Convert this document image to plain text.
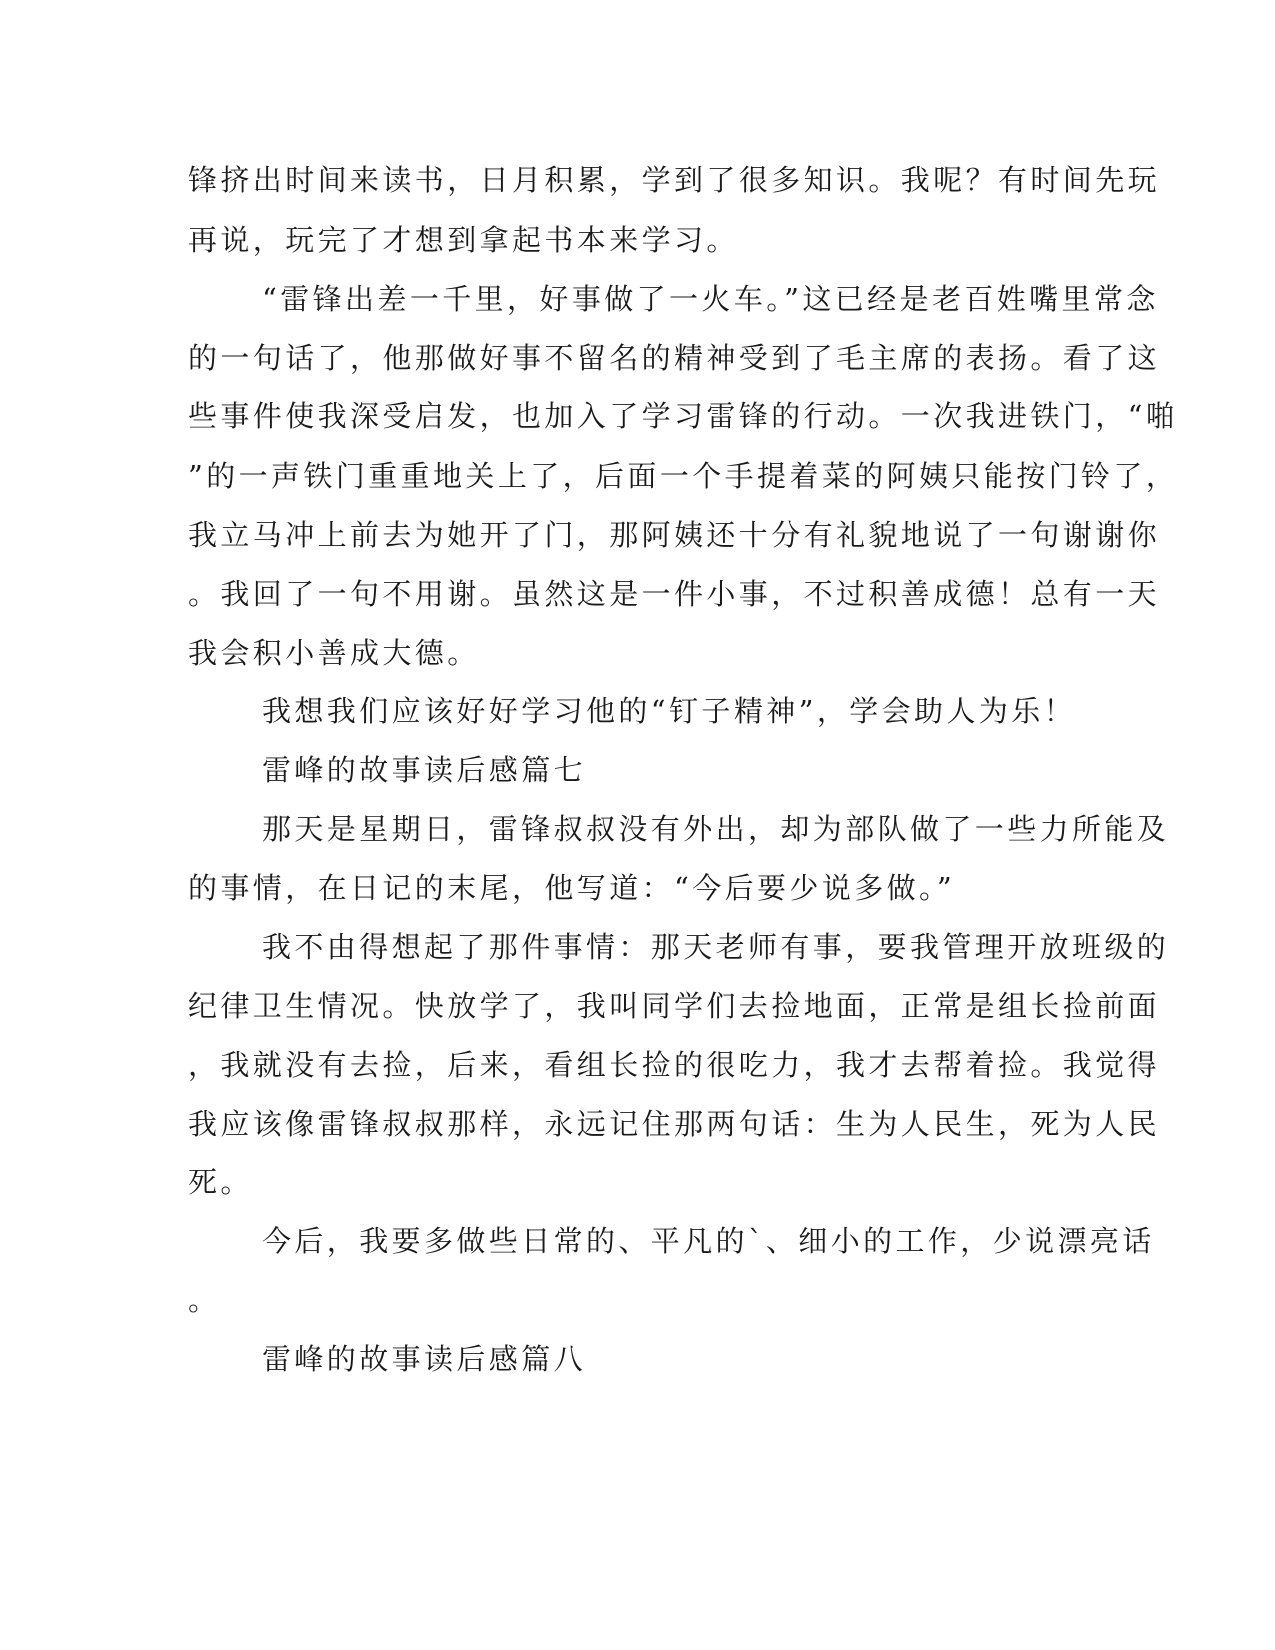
锋挤出时间来读书，日月积累，学到了很多知识。我呢？有时间先玩
再说，玩完了才想到拿起书本来学习。
“雷锋出差一千里，好事做了一火车。”这已经是老百姓嘴里常念
的一句话了，他那做好事不留名的精神受到了毛主席的表扬。看了这
些事件使我深受启发，也加入了学习雷锋的行动。一次我进铁门，“啪
”的一声铁门重重地关上了，后面一个手提着菜的阿姨只能按门铃了，
我立马冲上前去为她开了门，那阿姨还十分有礼貌地说了一句谢谢你
。我回了一句不用谢。虽然这是一件小事，不过积善成德！总有一天
我会积小善成大德。
我想我们应该好好学习他的“钉子精神”，学会助人为乐！
雷峰的故事读后感篇七
那天是星期日，雷锋叔叔没有外出，却为部队做了一些力所能及
的事情，在日记的末尾，他写道：“今后要少说多做。”
我不由得想起了那件事情：那天老师有事，要我管理开放班级的
纪律卫生情况。快放学了，我叫同学们去捡地面，正常是组长捡前面
，我就没有去捡，后来，看组长捡的很吃力，我才去帮着捡。我觉得
我应该像雷锋叔叔那样，永远记住那两句话：生为人民生，死为人民
死。
今后，我要多做些日常的、平凡的`、细小的工作，少说漂亮话
。
雷峰的故事读后感篇八
